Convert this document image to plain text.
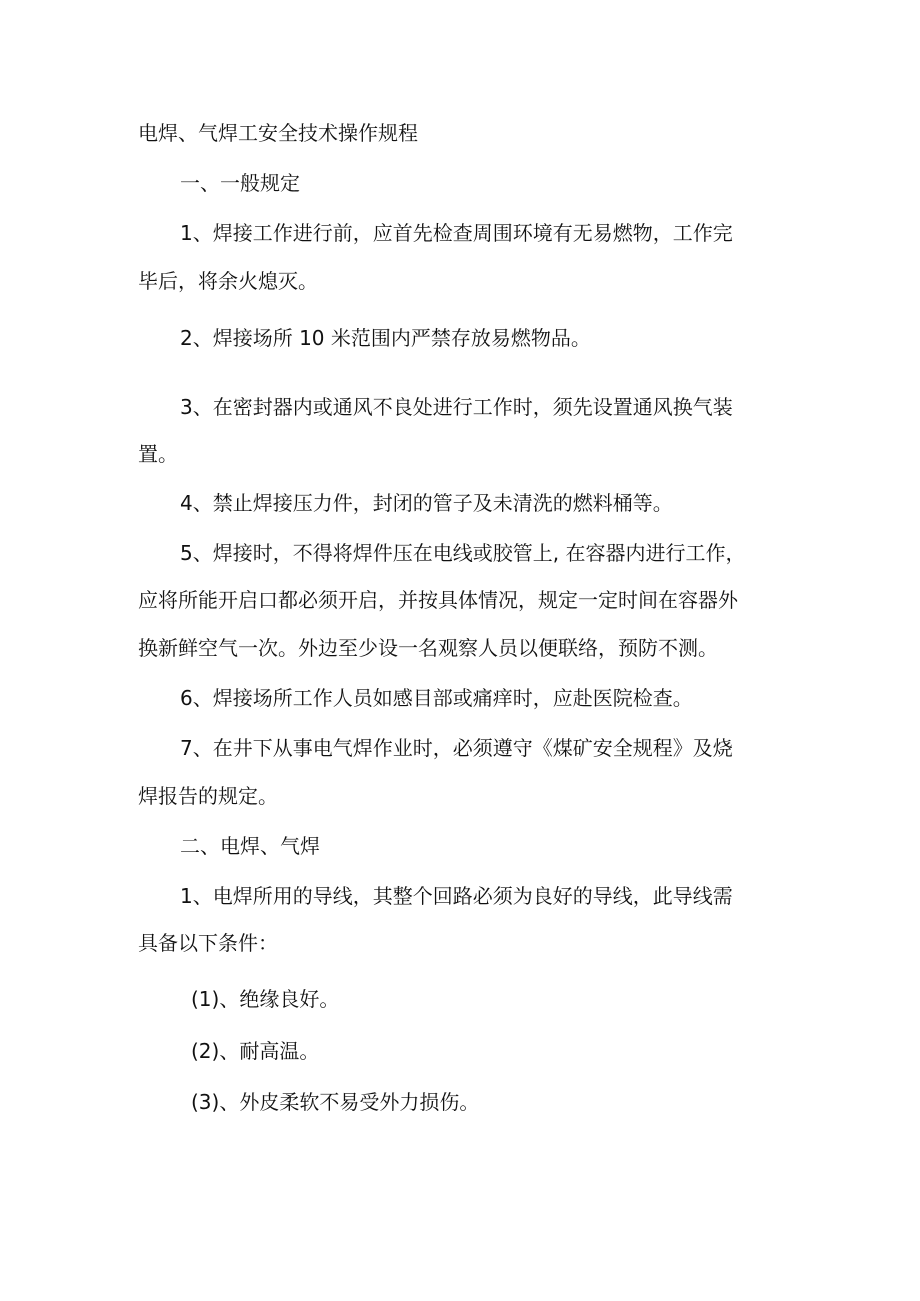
电焊、气焊工安全技术操作规程
一、一般规定
1、焊接工作进行前，应首先检查周围环境有无易燃物，工作完
毕后，将余火熄灭。
2、焊接场所 10 米范围内严禁存放易燃物品。
3、在密封器内或通风不良处进行工作时，须先设置通风换气装
置。
4、禁止焊接压力件，封闭的管子及未清洗的燃料桶等。
5、焊接时，不得将焊件压在电线或胶管上, 在容器内进行工作，
应将所能开启口都必须开启，并按具体情况，规定一定时间在容器外
换新鲜空气一次。外边至少设一名观察人员以便联络，预防不测。
6、焊接场所工作人员如感目部或痛痒时，应赴医院检查。
7、在井下从事电气焊作业时，必须遵守《煤矿安全规程》及烧
焊报告的规定。
二、电焊、气焊
1、电焊所用的导线，其整个回路必须为良好的导线，此导线需
具备以下条件：
(1)、绝缘良好。
(2)、耐高温。
(3)、外皮柔软不易受外力损伤。
